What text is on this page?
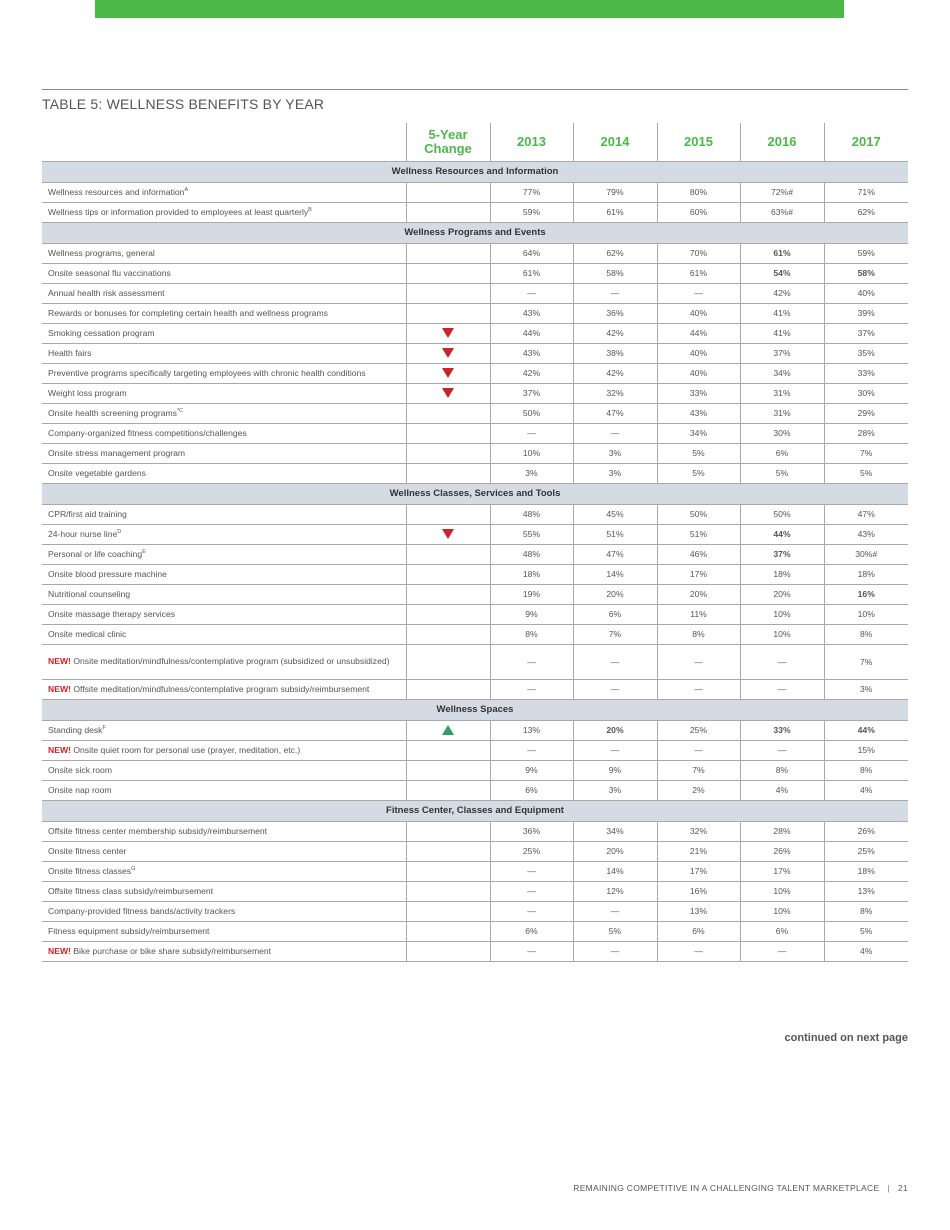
TABLE 5: WELLNESS BENEFITS BY YEAR
	5-Year Change	2013	2014	2015	2016	2017
Wellness Resources and Information						
Wellness resources and information$^A$		77%	79%	80%	72%#	71%
Wellness tips or information provided to employees at least quarterly$^B$		59%	61%	60%	63%#	62%
Wellness Programs and Events						
Wellness programs, general		64%	62%	70%	61%	59%
Onsite seasonal flu vaccinations		61%	58%	61%	54%	58%
Annual health risk assessment		—	—	—	42%	40%
Rewards or bonuses for completing certain health and wellness programs		43%	36%	40%	41%	39%
Smoking cessation program		44%	42%	44%	41%	37%
Health fairs		43%	38%	40%	37%	35%
Preventive programs specifically targeting employees with chronic health conditions		42%	42%	40%	34%	33%
Weight loss program		37%	32%	33%	31%	30%
Onsite health screening programs$^{*C}$		50%	47%	43%	31%	29%
Company-organized fitness competitions/challenges		—	—	34%	30%	28%
Onsite stress management program		10%	3%	5%	6%	7%
Onsite vegetable gardens		3%	3%	5%	5%	5%
Wellness Classes, Services and Tools						
CPR/first aid training		48%	45%	50%	50%	47%
24-hour nurse line$^D$		55%	51%	51%	44%	43%
Personal or life coaching$^E$		48%	47%	46%	37%	30%#
Onsite blood pressure machine		18%	14%	17%	18%	18%
Nutritional counseling		19%	20%	20%	20%	16%
Onsite massage therapy services		9%	6%	11%	10%	10%
Onsite medical clinic		8%	7%	8%	10%	8%
NEW! Onsite meditation/mindfulness/contemplative program (subsidized or unsubsidized)		—	—	—	—	7%
NEW! Offsite meditation/mindfulness/contemplative program subsidy/reimbursement		—	—	—	—	3%
Wellness Spaces						
Standing desk$^F$		13%	20%	25%	33%	44%
NEW! Onsite quiet room for personal use (prayer, meditation, etc.)		—	—	—	—	15%
Onsite sick room		9%	9%	7%	8%	8%
Onsite nap room		6%	3%	2%	4%	4%
Fitness Center, Classes and Equipment						
Offsite fitness center membership subsidy/reimbursement		36%	34%	32%	28%	26%
Onsite fitness center		25%	20%	21%	26%	25%
Onsite fitness classes$^G$		—	14%	17%	17%	18%
Offsite fitness class subsidy/reimbursement		—	12%	16%	10%	13%
Company-provided fitness bands/activity trackers		—	—	13%	10%	8%
Fitness equipment subsidy/reimbursement		6%	5%	6%	6%	5%
NEW! Bike purchase or bike share subsidy/reimbursement		—	—	—	—	4%
continued on next page
REMAINING COMPETITIVE IN A CHALLENGING TALENT MARKETPLACE | 21
